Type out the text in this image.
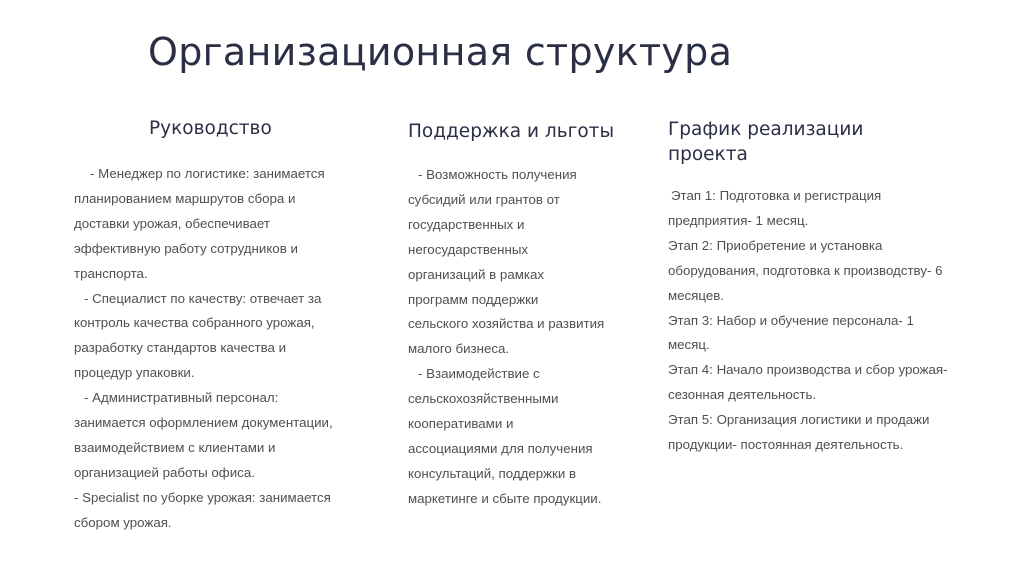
Организационная структура
Руководство

- Менеджер по логистике: занимается

планированием маршрутов сбора и

доставки урожая, обеспечивает

эффективную работу сотрудников и

транспорта.

- Специалист по качеству: отвечает за

контроль качества собранного урожая,

разработку стандартов качества и

процедур упаковки.

- Административный персонал:

занимается оформлением документации,

взаимодействием с клиентами и

организацией работы офиса.

- Specialist по уборке урожая: занимается

сбором урожая.

Поддержка и льготы

- Возможность получения

субсидий или грантов от

государственных и

негосударственных

организаций в рамках

программ поддержки

сельского хозяйства и развития

малого бизнеса.

- Взаимодействие с

сельскохозяйственными

кооперативами и

ассоциациями для получения

консультаций, поддержки в

маркетинге и сбыте продукции.

График реализации
проекта

Этап 1: Подготовка и регистрация

предприятия- 1 месяц.

Этап 2: Приобретение и установка

оборудования, подготовка к производству- 6

месяцев.

Этап 3: Набор и обучение персонала- 1

месяц.

Этап 4: Начало производства и сбор урожая-

сезонная деятельность.

Этап 5: Организация логистики и продажи

продукции- постоянная деятельность.
